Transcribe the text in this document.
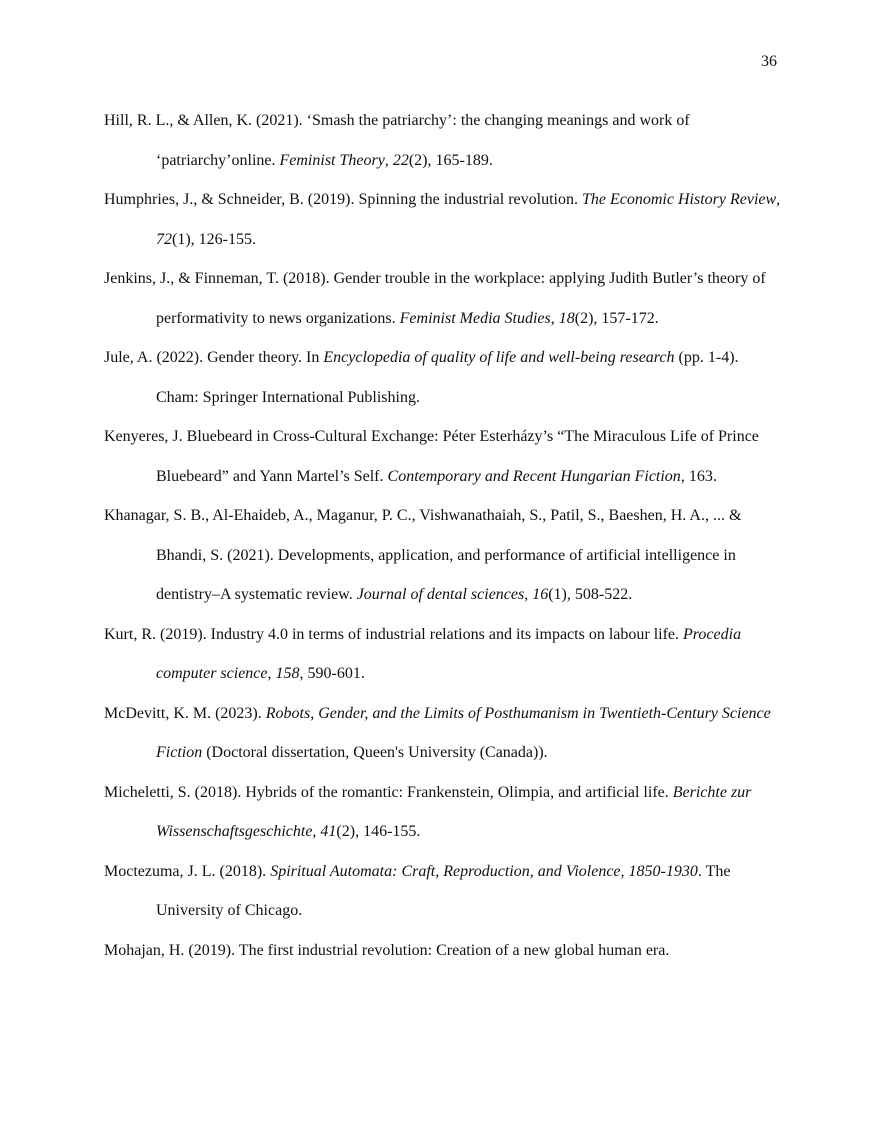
36

Hill, R. L., & Allen, K. (2021). ‘Smash the patriarchy’: the changing meanings and work of ‘patriarchy’online. Feminist Theory, 22(2), 165-189.

Humphries, J., & Schneider, B. (2019). Spinning the industrial revolution. The Economic History Review, 72(1), 126-155.

Jenkins, J., & Finneman, T. (2018). Gender trouble in the workplace: applying Judith Butler’s theory of performativity to news organizations. Feminist Media Studies, 18(2), 157-172.

Jule, A. (2022). Gender theory. In Encyclopedia of quality of life and well-being research (pp. 1-4). Cham: Springer International Publishing.

Kenyeres, J. Bluebeard in Cross-Cultural Exchange: Péter Esterházy’s “The Miraculous Life of Prince Bluebeard” and Yann Martel’s Self. Contemporary and Recent Hungarian Fiction, 163.

Khanagar, S. B., Al-Ehaideb, A., Maganur, P. C., Vishwanathaiah, S., Patil, S., Baeshen, H. A., ... & Bhandi, S. (2021). Developments, application, and performance of artificial intelligence in dentistry–A systematic review. Journal of dental sciences, 16(1), 508-522.

Kurt, R. (2019). Industry 4.0 in terms of industrial relations and its impacts on labour life. Procedia computer science, 158, 590-601.

McDevitt, K. M. (2023). Robots, Gender, and the Limits of Posthumanism in Twentieth-Century Science Fiction (Doctoral dissertation, Queen's University (Canada)).

Micheletti, S. (2018). Hybrids of the romantic: Frankenstein, Olimpia, and artificial life. Berichte zur Wissenschaftsgeschichte, 41(2), 146-155.

Moctezuma, J. L. (2018). Spiritual Automata: Craft, Reproduction, and Violence, 1850-1930. The University of Chicago.

Mohajan, H. (2019). The first industrial revolution: Creation of a new global human era.
